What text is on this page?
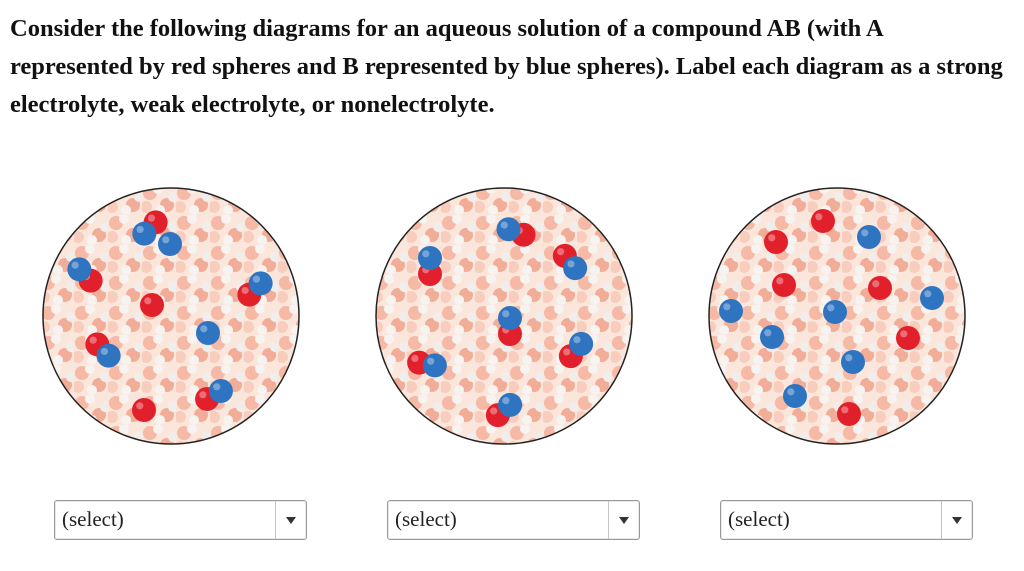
Consider the following diagrams for an aqueous solution of a compound AB (with A represented by red spheres and B represented by blue spheres). Label each diagram as a strong electrolyte, weak electrolyte, or nonelectrolyte.

(select)	(select)	(select)
